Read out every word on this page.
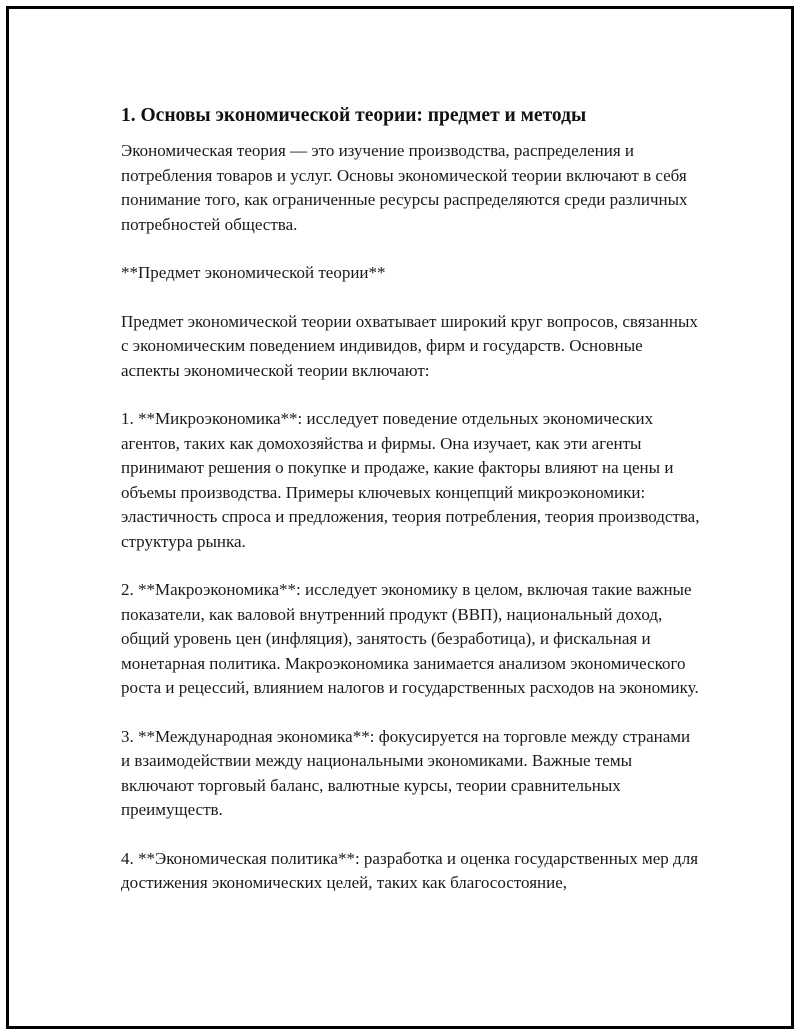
1. Основы экономической теории: предмет и методы

Экономическая теория — это изучение производства, распределения и потребления товаров и услуг. Основы экономической теории включают в себя понимание того, как ограниченные ресурсы распределяются среди различных потребностей общества.

**Предмет экономической теории**

Предмет экономической теории охватывает широкий круг вопросов, связанных с экономическим поведением индивидов, фирм и государств. Основные аспекты экономической теории включают:

1. **Микроэкономика**: исследует поведение отдельных экономических агентов, таких как домохозяйства и фирмы. Она изучает, как эти агенты принимают решения о покупке и продаже, какие факторы влияют на цены и объемы производства. Примеры ключевых концепций микроэкономики: эластичность спроса и предложения, теория потребления, теория производства, структура рынка.

2. **Макроэкономика**: исследует экономику в целом, включая такие важные показатели, как валовой внутренний продукт (ВВП), национальный доход, общий уровень цен (инфляция), занятость (безработица), и фискальная и монетарная политика. Макроэкономика занимается анализом экономического роста и рецессий, влиянием налогов и государственных расходов на экономику.

3. **Международная экономика**: фокусируется на торговле между странами и взаимодействии между национальными экономиками. Важные темы включают торговый баланс, валютные курсы, теории сравнительных преимуществ.

4. **Экономическая политика**: разработка и оценка государственных мер для достижения экономических целей, таких как благосостояние,
